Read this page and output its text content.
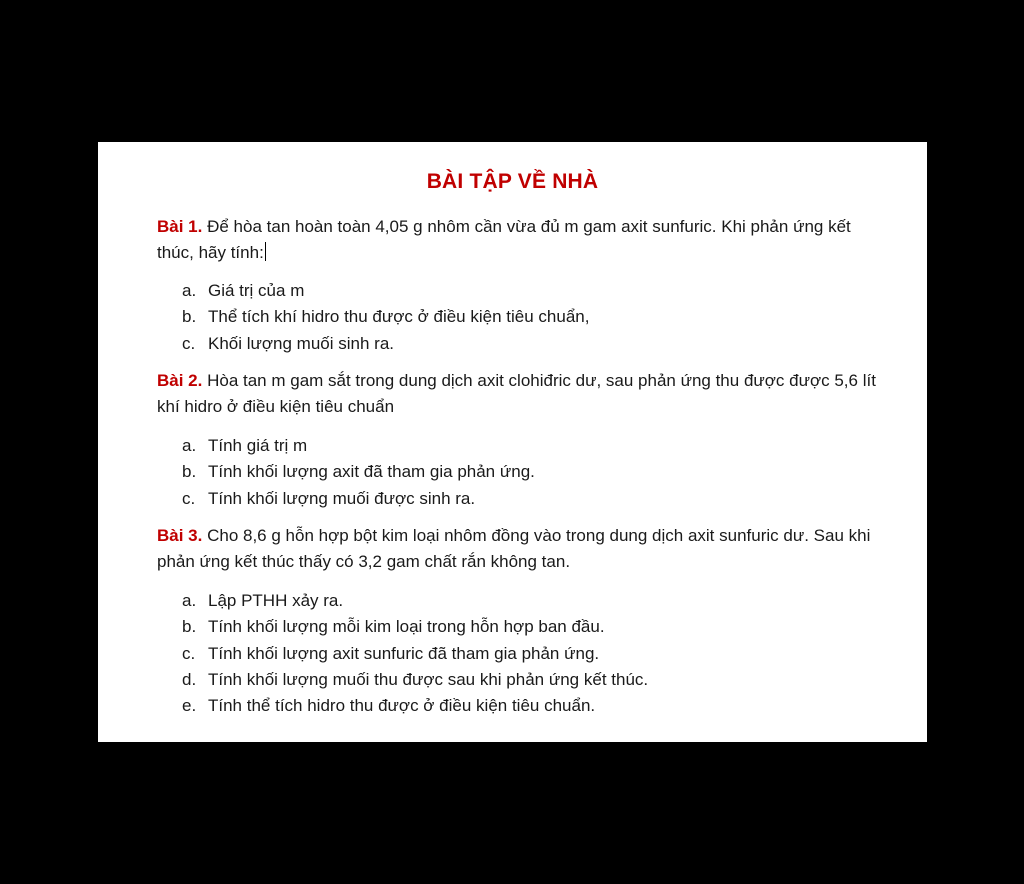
BÀI TẬP VỀ NHÀ
Bài 1. Để hòa tan hoàn toàn 4,05 g nhôm cần vừa đủ m gam axit sunfuric. Khi phản ứng kết thúc, hãy tính:
a. Giá trị của m
b. Thể tích khí hidro thu được ở điều kiện tiêu chuẩn,
c. Khối lượng muối sinh ra.
Bài 2. Hòa tan m gam sắt trong dung dịch axit clohiđric dư, sau phản ứng thu được được 5,6 lít khí hidro ở điều kiện tiêu chuẩn
a. Tính giá trị m
b. Tính khối lượng axit đã tham gia phản ứng.
c. Tính khối lượng muối được sinh ra.
Bài 3. Cho 8,6 g hỗn hợp bột kim loại nhôm đồng vào trong dung dịch axit sunfuric dư. Sau khi phản ứng kết thúc thấy có 3,2 gam chất rắn không tan.
a. Lập PTHH xảy ra.
b. Tính khối lượng mỗi kim loại trong hỗn hợp ban đầu.
c. Tính khối lượng axit sunfuric đã tham gia phản ứng.
d. Tính khối lượng muối thu được sau khi phản ứng kết thúc.
e. Tính thể tích hidro thu được ở điều kiện tiêu chuẩn.
